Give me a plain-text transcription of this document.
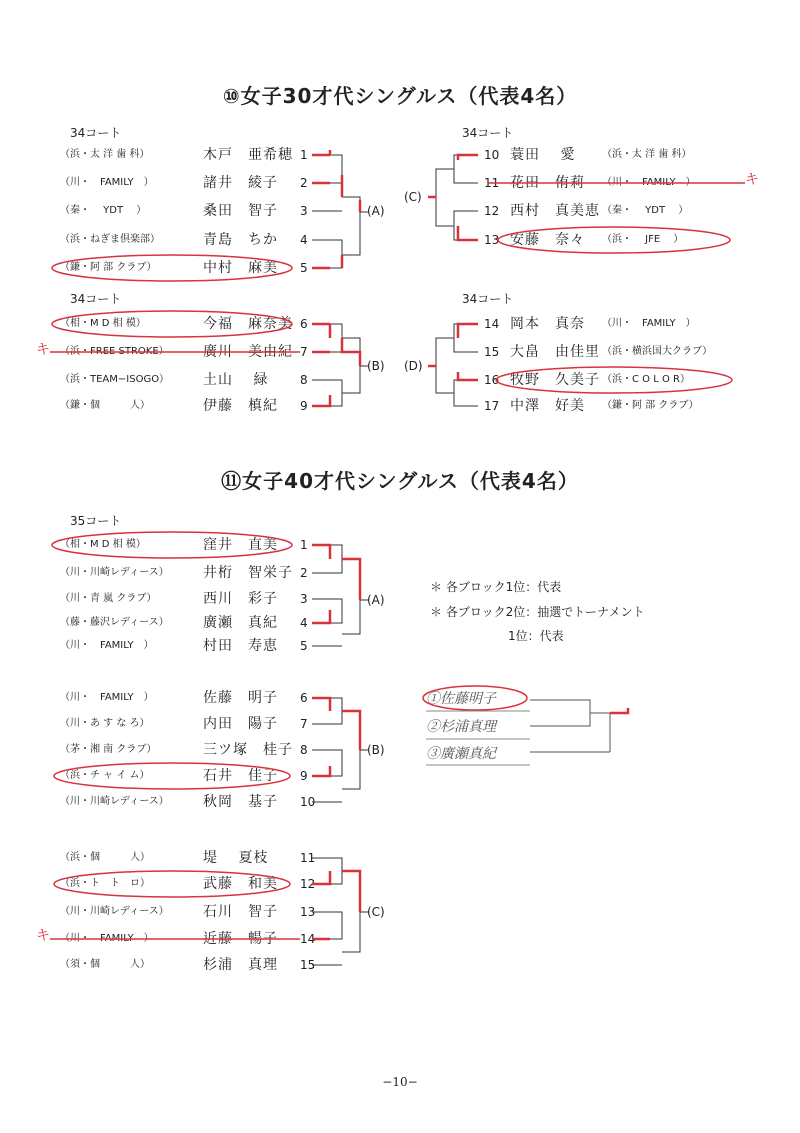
⑩女子30才代シングルス（代表4名）
34コート	34コート
34コート	34コート
（浜・太 洋 歯 科）	木戸　亜希穂 1
（川・　FAMILY　）	諸井　綾子 2
（秦・　 YDT　 ）	桑田　智子 3
（浜・ねぎま倶楽部）	青島　ちか 4
（鎌・阿 部 クラブ）	中村　麻美 5
（相・M D 相 模）	今福　麻奈美 6
（浜・FREE STROKE） 廣川　美由紀 7
（浜・TEAM−ISOGO） 土山　 緑	8
（鎌・個　　　人）	伊藤　槙紀 9
10 蓑田　 愛	（浜・太 洋 歯 科）
11 花田　侑莉 （川・　FAMILY　）
12 西村　真美恵 （秦・　 YDT　 ）
13 安藤　奈々 （浜・　 JFE　 ）
14 岡本　真奈 （川・　FAMILY　）
15 大畠　由佳里 （浜・横浜国大クラブ）
16 牧野　久美子 （浜・C O L O R）
17 中澤　好美 （鎌・阿 部 クラブ）
(A)
(B)
(C)
(D)
キ
キ
⑪女子40才代シングルス（代表4名）
35コート
（相・M D 相 模）	窪井　直美 1
（川・川崎レディース） 井桁　智栄子 2
（川・青 嵐 クラブ）	西川　彩子 3
（藤・藤沢レディース） 廣瀬　真紀 4
（川・　FAMILY　）	村田　寿恵 5
（川・　FAMILY　）	佐藤　明子 6
（川・あ す な ろ）	内田　陽子 7
（茅・湘 南 クラブ）	三ツ塚　桂子 8
（浜・チ ャ イ ム）	石井　佳子 9
（川・川崎レディース） 秋岡　基子 10
（浜・個　　　人）	堤　 夏枝	11
（浜・ト　ト　ロ）	武藤　和美 12
（川・川崎レディース） 石川　智子 13
（川・　FAMILY　）	近藤　暢子 14
（須・個　　　人）	杉浦　真理 15
(A)
(B)
(C)
＊ 各ブロック1位：代表
＊ 各ブロック2位：抽選でトーナメント
1位：代表
①佐藤明子
②杉浦真理
③廣瀬真紀
キ
−10−
